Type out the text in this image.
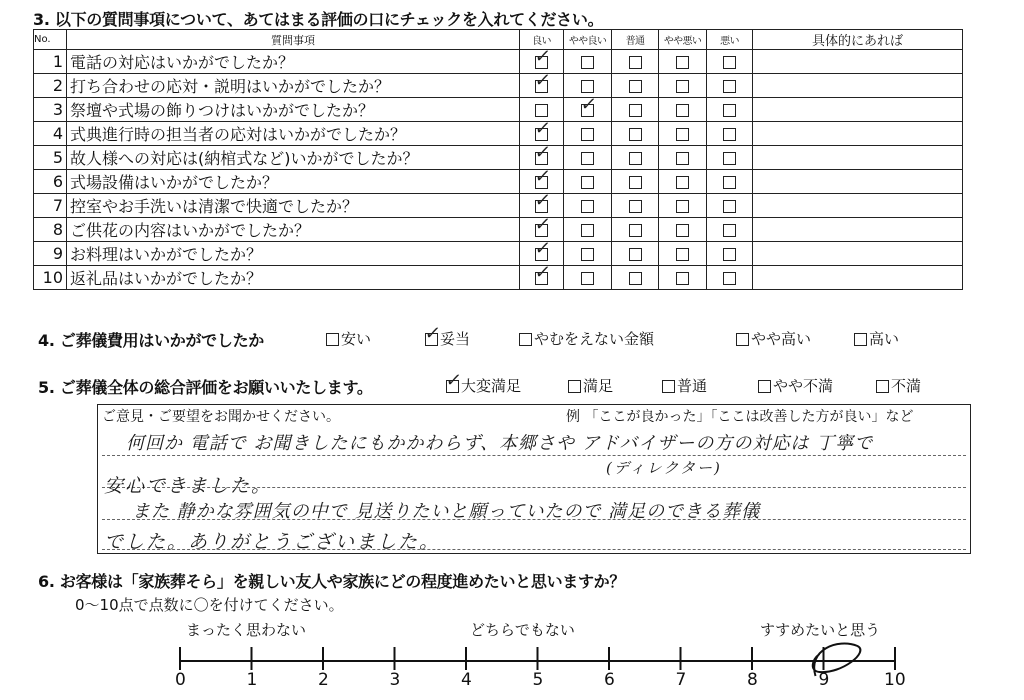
3. 以下の質問事項について、あてはまる評価の口にチェックを入れてください。
No.	質問事項	良い	やや良い	普通	やや悪い	悪い	具体的にあれば
1	電話の対応はいかがでしたか？	✓					

2	打ち合わせの応対・説明はいかがでしたか？	✓					

3	祭壇や式場の飾りつけはいかがでしたか？		✓				

4	式典進行時の担当者の応対はいかがでしたか？	✓					

5	故人様への対応は(納棺式など)いかがでしたか？	✓					

6	式場設備はいかがでしたか？	✓					

7	控室やお手洗いは清潔で快適でしたか？	✓					

8	ご供花の内容はいかがでしたか？	✓					

9	お料理はいかがでしたか？	✓					

10	返礼品はいかがでしたか？	✓					

4. ご葬儀費用はいかがでしたか	安い	✓
妥当	やむをえない金額	やや高い	高い
5. ご葬儀全体の総合評価をお願いいたします。	✓
大変満足	満足	普通	やや不満	不満
ご意見・ご要望をお聞かせください。	例 「ここが良かった」「ここは改善した方が良い」など
何回か 電話で お聞きしたにもかかわらず、本郷さや アドバイザーの方の対応は 丁寧で
(ディレクター)
安心できました。
また 静かな雰囲気の中で 見送りたいと願っていたので 満足のできる葬儀
でした。ありがとうございました。
6. お客様は「家族葬そら」を親しい友人や家族にどの程度進めたいと思いますか？
0～10点で点数に〇を付けてください。
まったく思わない	どちらでもない	すすめたいと思う
0	1	2	3	4	5	6	7	8	9	10
